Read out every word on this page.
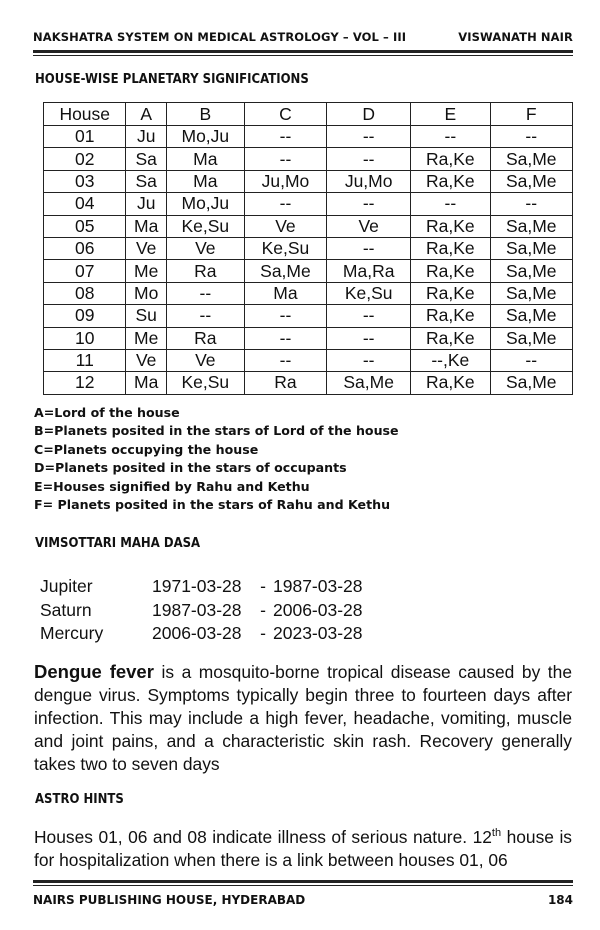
NAKSHATRA SYSTEM ON MEDICAL ASTROLOGY – VOL – III	VISWANATH NAIR
HOUSE-WISE PLANETARY SIGNIFICATIONS
House	A	B	C	D	E	F
01	Ju	Mo,Ju	--	--	--	--
02	Sa	Ma	--	--	Ra,Ke	Sa,Me
03	Sa	Ma	Ju,Mo	Ju,Mo	Ra,Ke	Sa,Me
04	Ju	Mo,Ju	--	--	--	--
05	Ma	Ke,Su	Ve	Ve	Ra,Ke	Sa,Me
06	Ve	Ve	Ke,Su	--	Ra,Ke	Sa,Me
07	Me	Ra	Sa,Me	Ma,Ra	Ra,Ke	Sa,Me
08	Mo	--	Ma	Ke,Su	Ra,Ke	Sa,Me
09	Su	--	--	--	Ra,Ke	Sa,Me
10	Me	Ra	--	--	Ra,Ke	Sa,Me
11	Ve	Ve	--	--	--,Ke	--
12	Ma	Ke,Su	Ra	Sa,Me	Ra,Ke	Sa,Me
A=Lord of the house
B=Planets posited in the stars of Lord of the house
C=Planets occupying the house
D=Planets posited in the stars of occupants
E=Houses signified by Rahu and Kethu
F= Planets posited in the stars of Rahu and Kethu
VIMSOTTARI MAHA DASA
Jupiter	1971-03-28	- 1987-03-28
Saturn	1987-03-28	- 2006-03-28
Mercury	2006-03-28	- 2023-03-28
Dengue fever is a mosquito-borne tropical disease caused by the dengue virus. Symptoms typically begin three to fourteen days after infection. This may include a high fever, headache, vomiting, muscle and joint pains, and a characteristic skin rash. Recovery generally takes two to seven days
ASTRO HINTS
Houses 01, 06 and 08 indicate illness of serious nature. 12th house is for hospitalization when there is a link between houses 01, 06
NAIRS PUBLISHING HOUSE, HYDERABAD	184
